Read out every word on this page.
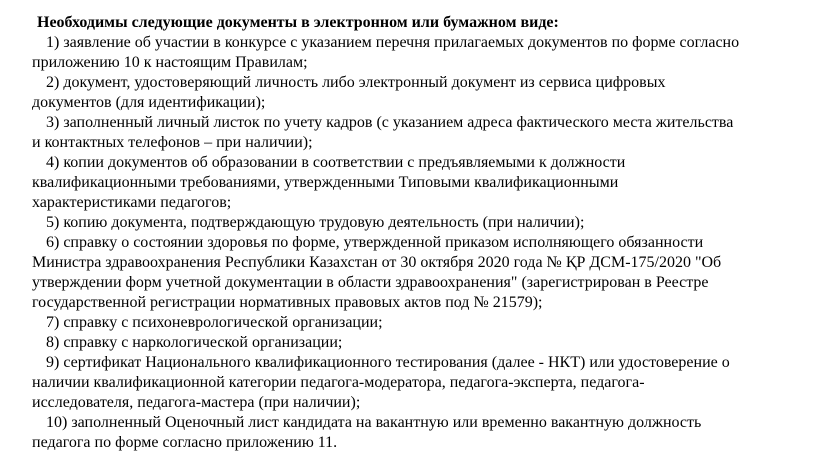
Необходимы следующие документы в электронном или бумажном виде:

1) заявление об участии в конкурсе с указанием перечня прилагаемых документов по форме согласно приложению 10 к настоящим Правилам;

2) документ, удостоверяющий личность либо электронный документ из сервиса цифровых документов (для идентификации);

3) заполненный личный листок по учету кадров (с указанием адреса фактического места жительства и контактных телефонов – при наличии);

4) копии документов об образовании в соответствии с предъявляемыми к должности квалификационными требованиями, утвержденными Типовыми квалификационными характеристиками педагогов;

5) копию документа, подтверждающую трудовую деятельность (при наличии);

6) справку о состоянии здоровья по форме, утвержденной приказом исполняющего обязанности Министра здравоохранения Республики Казахстан от 30 октября 2020 года № ҚР ДСМ-175/2020 "Об утверждении форм учетной документации в области здравоохранения" (зарегистрирован в Реестре государственной регистрации нормативных правовых актов под № 21579);

7) справку с психоневрологической организации;

8) справку с наркологической организации;

9) сертификат Национального квалификационного тестирования (далее - НКТ) или удостоверение о наличии квалификационной категории педагога-модератора, педагога-эксперта, педагога-исследователя, педагога-мастера (при наличии);

10) заполненный Оценочный лист кандидата на вакантную или временно вакантную должность педагога по форме согласно приложению 11.
